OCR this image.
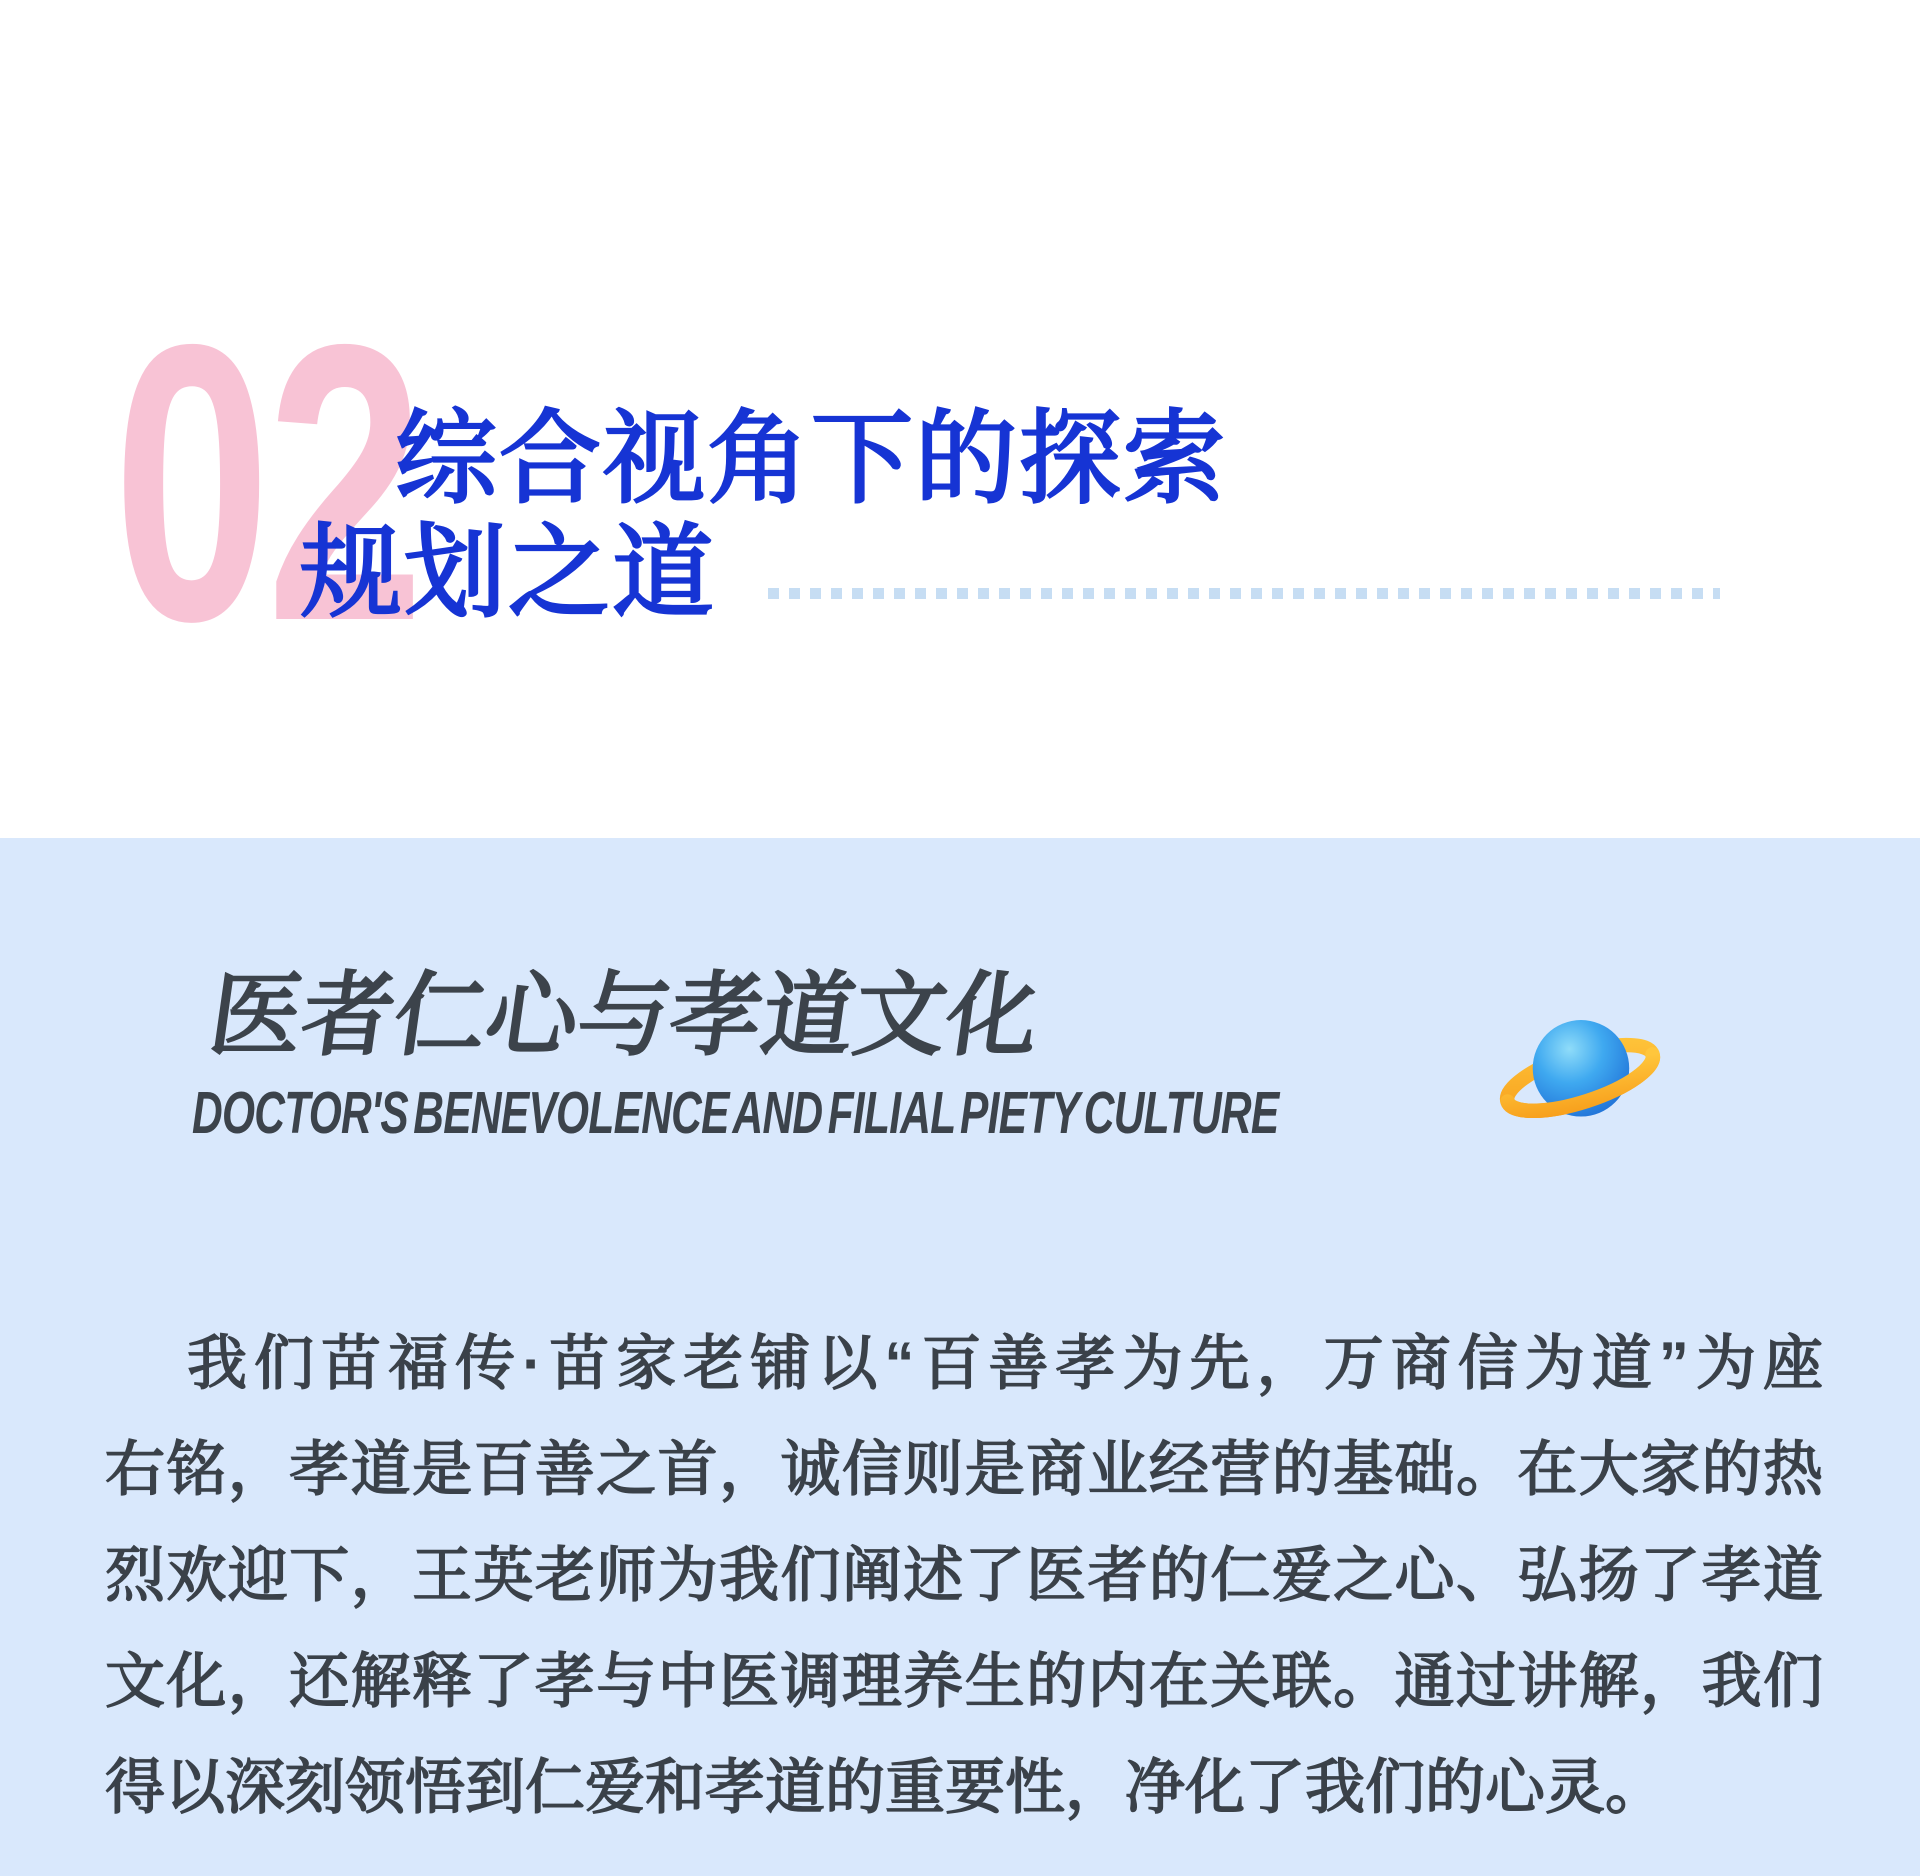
02
综合视角下的探索
规划之道
医者仁心与孝道文化
DOCTOR'S BENEVOLENCE AND FILIAL PIETY CULTURE
我们苗福传·苗家老铺以“百善孝为先，万商信为道”为座
右铭，孝道是百善之首，诚信则是商业经营的基础。在大家的热
烈欢迎下，王英老师为我们阐述了医者的仁爱之心、弘扬了孝道
文化，还解释了孝与中医调理养生的内在关联。通过讲解，我们
得以深刻领悟到仁爱和孝道的重要性，净化了我们的心灵。
